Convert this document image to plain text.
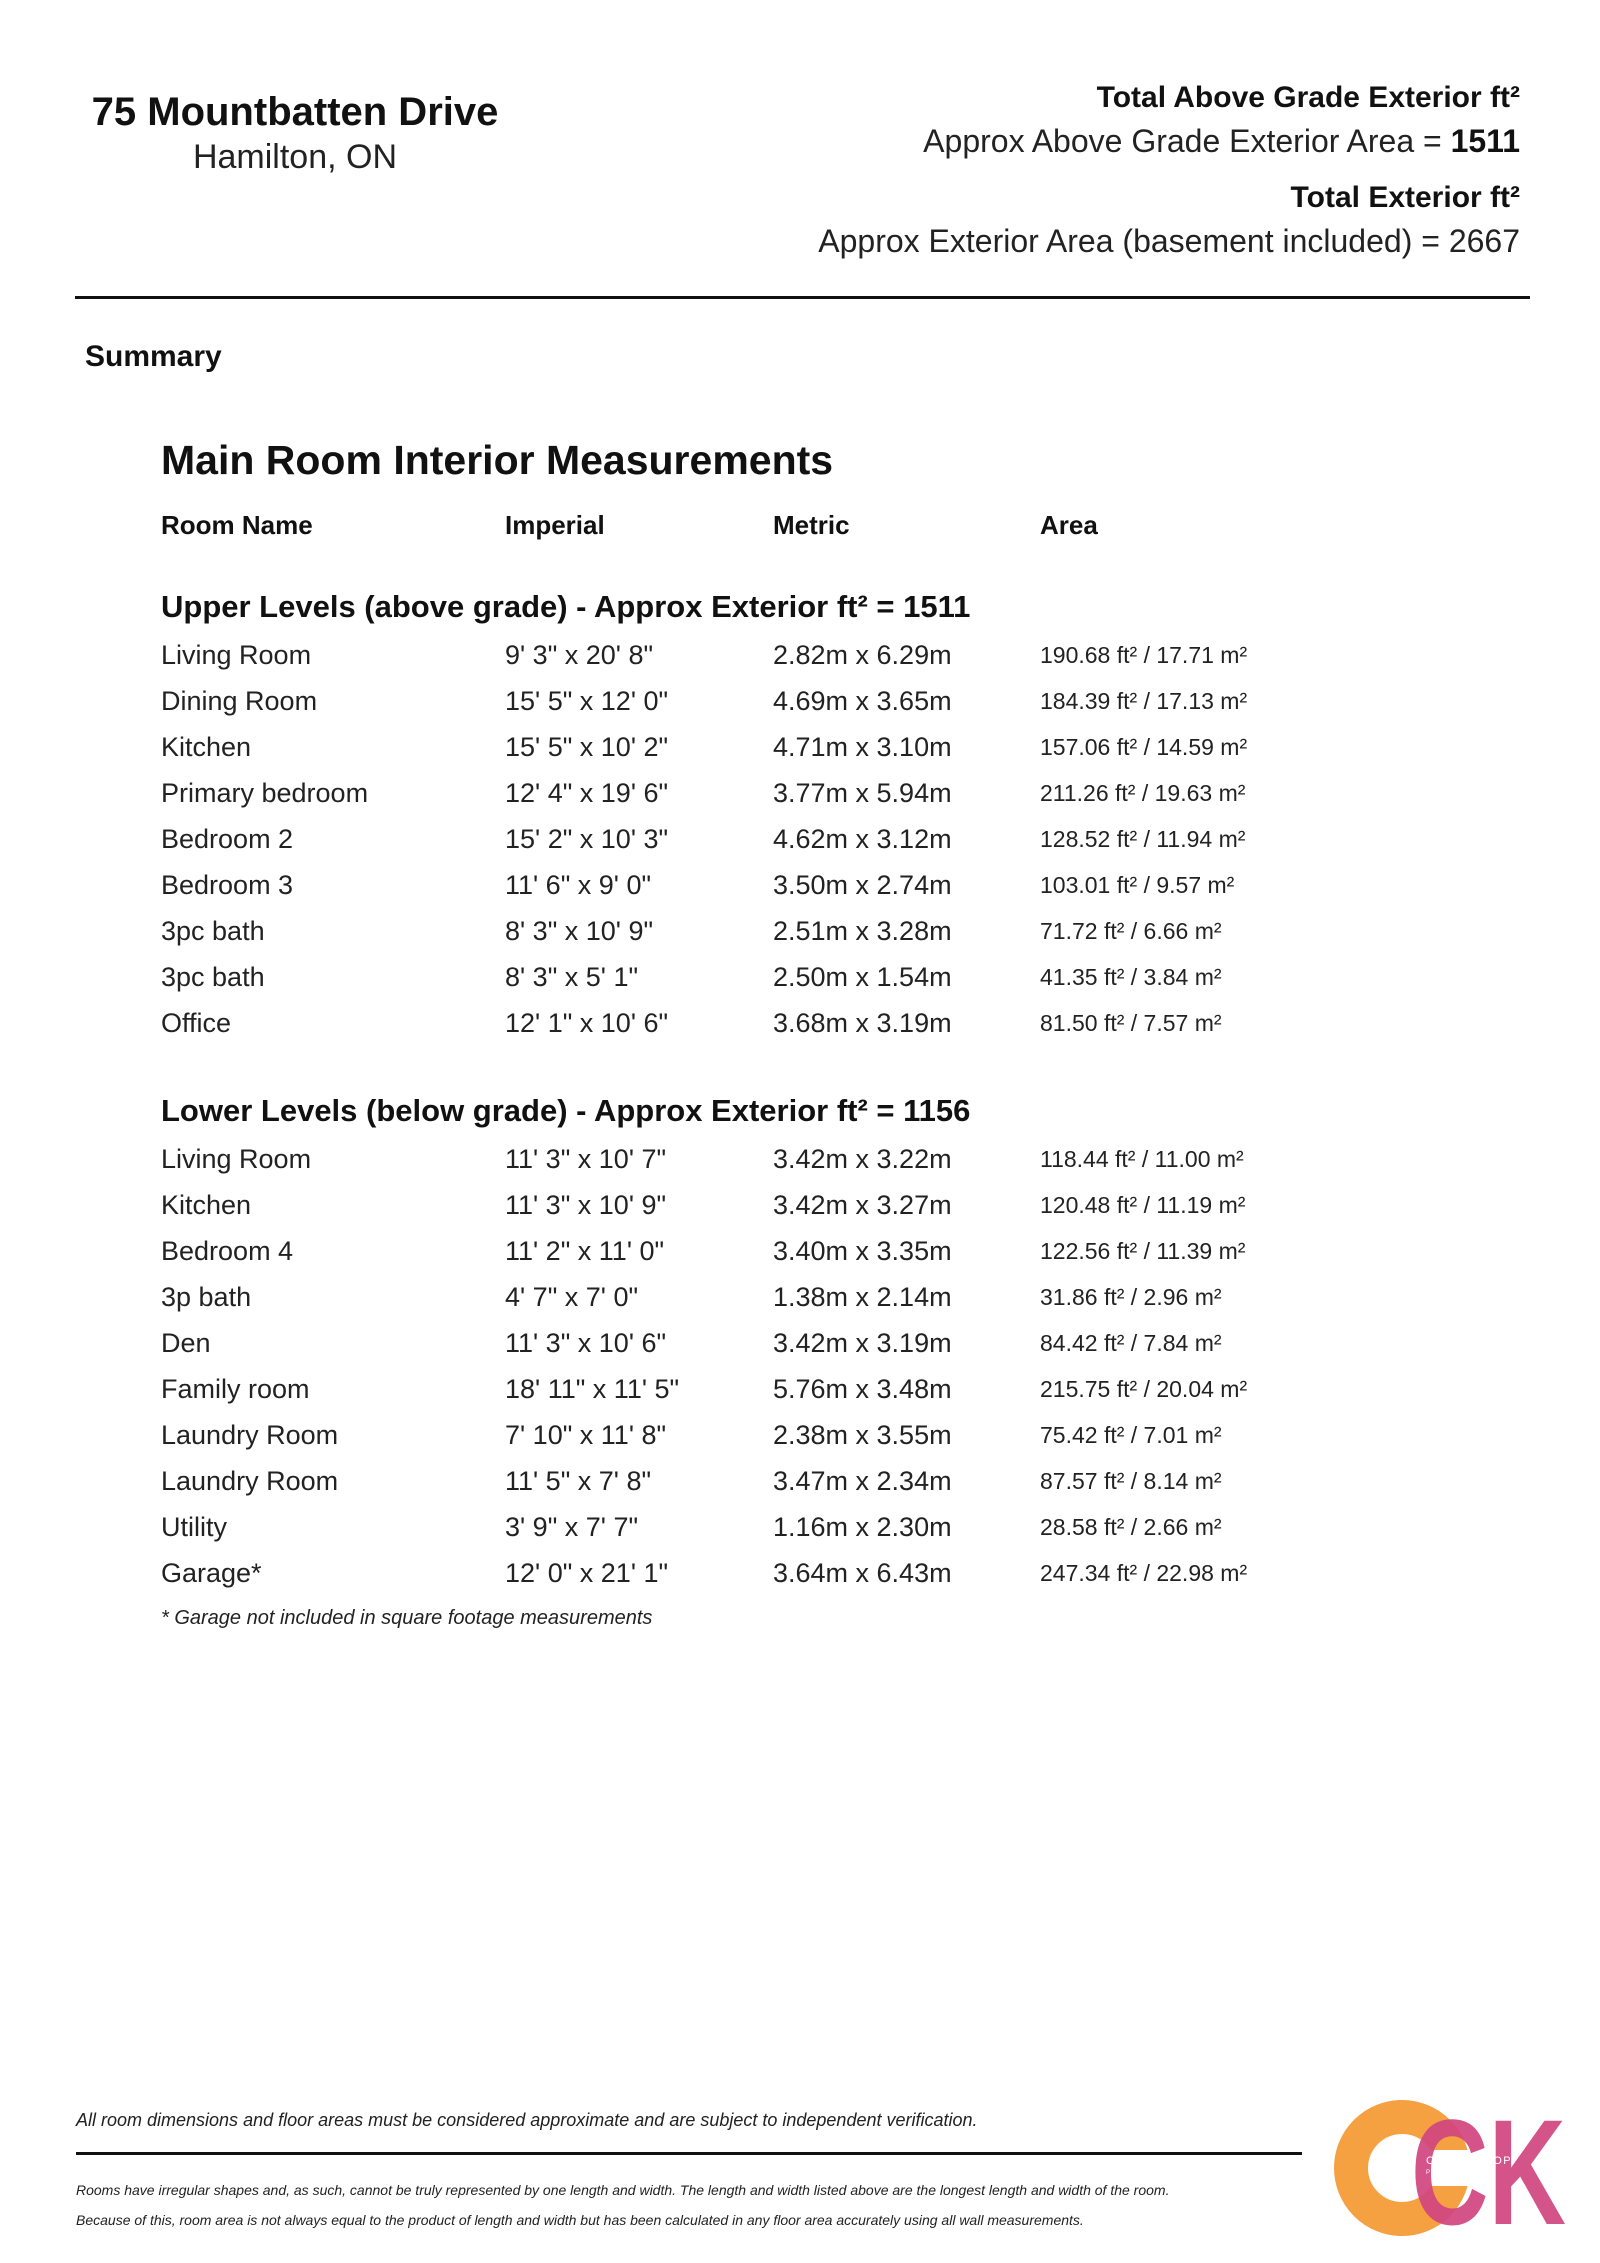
75 Mountbatten Drive
Hamilton, ON
Total Above Grade Exterior ft²
Approx Above Grade Exterior Area = 1511
Total Exterior ft²
Approx Exterior Area (basement included) = 2667
Summary
Main Room Interior Measurements
Room Name	Imperial	Metric	Area
Upper Levels (above grade) - Approx Exterior ft² = 1511
Living Room	9' 3" x 20' 8"	2.82m x 6.29m	190.68 ft² / 17.71 m²
Dining Room	15' 5" x 12' 0"	4.69m x 3.65m	184.39 ft² / 17.13 m²
Kitchen	15' 5" x 10' 2"	4.71m x 3.10m	157.06 ft² / 14.59 m²
Primary bedroom	12' 4" x 19' 6"	3.77m x 5.94m	211.26 ft² / 19.63 m²
Bedroom 2	15' 2" x 10' 3"	4.62m x 3.12m	128.52 ft² / 11.94 m²
Bedroom 3	11' 6" x 9' 0"	3.50m x 2.74m	103.01 ft² / 9.57 m²
3pc bath	8' 3" x 10' 9"	2.51m x 3.28m	71.72 ft² / 6.66 m²
3pc bath	8' 3" x 5' 1"	2.50m x 1.54m	41.35 ft² / 3.84 m²
Office	12' 1" x 10' 6"	3.68m x 3.19m	81.50 ft² / 7.57 m²
Lower Levels (below grade) - Approx Exterior ft² = 1156
Living Room	11' 3" x 10' 7"	3.42m x 3.22m	118.44 ft² / 11.00 m²
Kitchen	11' 3" x 10' 9"	3.42m x 3.27m	120.48 ft² / 11.19 m²
Bedroom 4	11' 2" x 11' 0"	3.40m x 3.35m	122.56 ft² / 11.39 m²
3p bath	4' 7" x 7' 0"	1.38m x 2.14m	31.86 ft² / 2.96 m²
Den	11' 3" x 10' 6"	3.42m x 3.19m	84.42 ft² / 7.84 m²
Family room	18' 11" x 11' 5"	5.76m x 3.48m	215.75 ft² / 20.04 m²
Laundry Room	7' 10" x 11' 8"	2.38m x 3.55m	75.42 ft² / 7.01 m²
Laundry Room	11' 5" x 7' 8"	3.47m x 2.34m	87.57 ft² / 8.14 m²
Utility	3' 9" x 7' 7"	1.16m x 2.30m	28.58 ft² / 2.66 m²
Garage*	12' 0" x 21' 1"	3.64m x 6.43m	247.34 ft² / 22.98 m²
* Garage not included in square footage measurements
All room dimensions and floor areas must be considered approximate and are subject to independent verification.
Rooms have irregular shapes and, as such, cannot be truly represented by one length and width. The length and width listed above are the longest length and width of the room.
Because of this, room area is not always equal to the product of length and width but has been calculated in any floor area accurately using all wall measurements.	CK
CATHY KOOP
PHOTOGRAPHY
